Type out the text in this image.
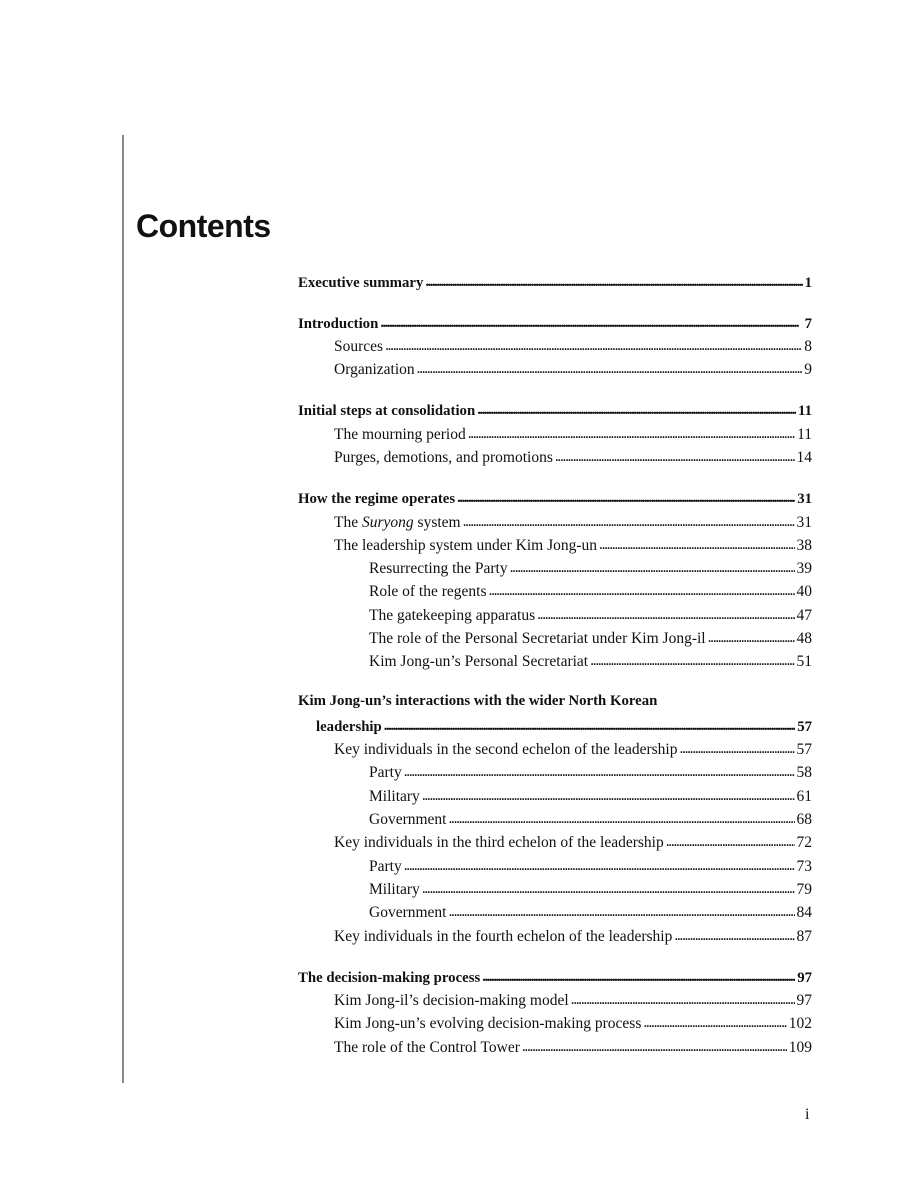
Contents
Executive summary . . .	1
Introduction . . .	7
Sources . . .	8
Organization . . .	9
Initial steps at consolidation . . .	11
The mourning period . . .	11
Purges, demotions, and promotions . . .	14
How the regime operates . . .	31
The Suryong system . . .	31
The leadership system under Kim Jong-un . . .	38
Resurrecting the Party . . .	39
Role of the regents . . .	40
The gatekeeping apparatus . . .	47
The role of the Personal Secretariat under Kim Jong-il . . .	48
Kim Jong-un’s Personal Secretariat . . .	51
Kim Jong-un’s interactions with the wider North Korean
leadership . . .	57
Key individuals in the second echelon of the leadership . . .	57
Party . . .	58
Military . . .	61
Government . . .	68
Key individuals in the third echelon of the leadership . . .	72
Party . . .	73
Military . . .	79
Government . . .	84
Key individuals in the fourth echelon of the leadership . . .	87
The decision-making process . . .	97
Kim Jong-il’s decision-making model . . .	97
Kim Jong-un’s evolving decision-making process . . .	102
The role of the Control Tower . . .	109
i
